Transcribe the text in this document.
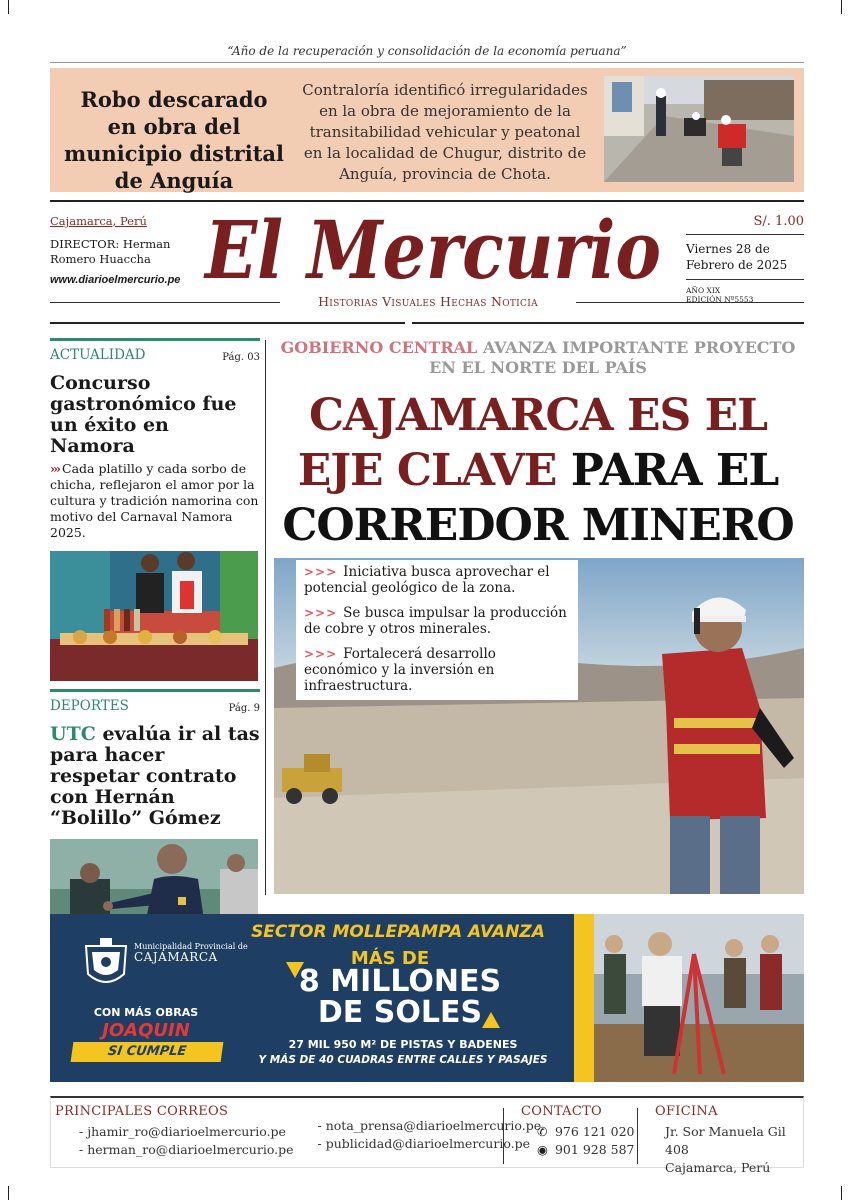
“Año de la recuperación y consolidación de la economía peruana”
Robo descarado en obra del municipio distrital de Anguía
Contraloría identificó irregularidades en la obra de mejoramiento de la transitabilidad vehicular y peatonal en la localidad de Chugur, distrito de Anguía, provincia de Chota.
Cajamarca, Perú
DIRECTOR: Herman Romero Huaccha
www.diarioelmercurio.pe El Mercurio	S/. 1.00
Viernes 28 de Febrero de 2025
AÑO XIX
EDICIÓN Nº5553
Historias Visuales Hechas Noticia
ACTUALIDAD	Pág. 03
Concurso gastronómico fue un éxito en Namora
››› Cada platillo y cada sorbo de chicha, reflejaron el amor por la cultura y tradición namorina con motivo del Carnaval Namora 2025.
DEPORTES	Pág. 9
UTC evalúa ir al tas para hacer respetar contrato con Hernán “Bolillo” Gómez
GOBIERNO CENTRAL AVANZA IMPORTANTE PROYECTO EN EL NORTE DEL PAÍS
CAJAMARCA ES EL
EJE CLAVE PARA EL
CORREDOR MINERO
>>> Iniciativa busca aprovechar el potencial geológico de la zona.
>>> Se busca impulsar la producción de cobre y otros minerales.
>>> Fortalecerá desarrollo económico y la inversión en infraestructura.
Municipalidad Provincial de
CAJAMARCA
CON MÁS OBRAS
JOAQUIN
SI CUMPLE
SECTOR MOLLEPAMPA AVANZA
MÁS DE
8 MILLONES
DE SOLES
27 MIL 950 M² DE PISTAS Y BADENES
Y MÁS DE 40 CUADRAS ENTRE CALLES Y PASAJES
PRINCIPALES CORREOS
- jhamir_ro@diarioelmercurio.pe
- herman_ro@diarioelmercurio.pe
- nota_prensa@diarioelmercurio.pe
- publicidad@diarioelmercurio.pe
CONTACTO
✆ 976 121 020
◉ 901 928 587
OFICINA
Jr. Sor Manuela Gil 408
Cajamarca, Perú
